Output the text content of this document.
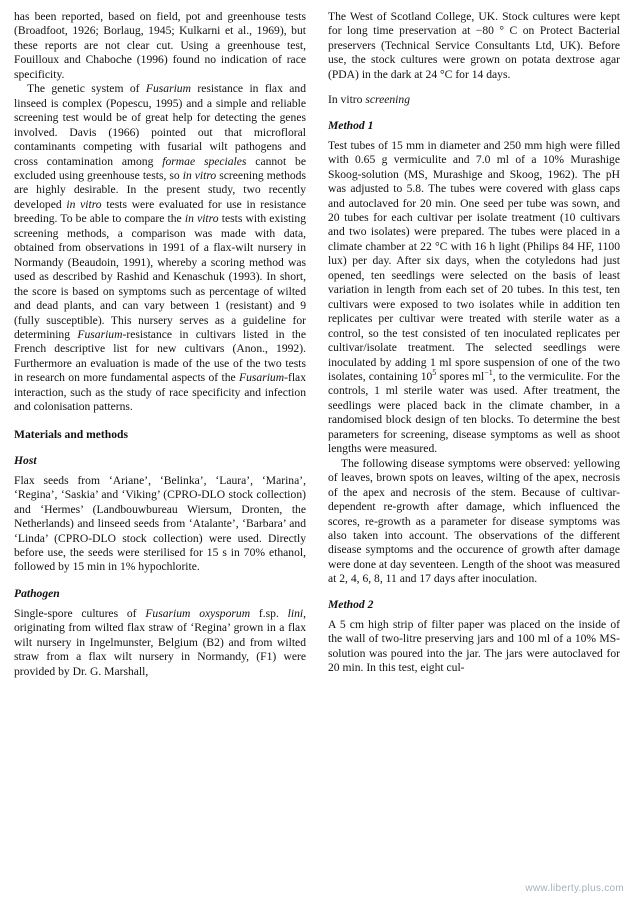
has been reported, based on field, pot and greenhouse tests (Broadfoot, 1926; Borlaug, 1945; Kulkarni et al., 1969), but these reports are not clear cut. Using a greenhouse test, Fouilloux and Chaboche (1996) found no indication of race specificity.

The genetic system of Fusarium resistance in flax and linseed is complex (Popescu, 1995) and a simple and reliable screening test would be of great help for detecting the genes involved. Davis (1966) pointed out that microfloral contaminants competing with fusarial wilt pathogens and cross contamination among formae speciales cannot be excluded using greenhouse tests, so in vitro screening methods are highly desirable. In the present study, two recently developed in vitro tests were evaluated for use in resistance breeding. To be able to compare the in vitro tests with existing screening methods, a comparison was made with data, obtained from observations in 1991 of a flax-wilt nursery in Normandy (Beaudoin, 1991), whereby a scoring method was used as described by Rashid and Kenaschuk (1993). In short, the score is based on symptoms such as percentage of wilted and dead plants, and can vary between 1 (resistant) and 9 (fully susceptible). This nursery serves as a guideline for determining Fusarium-resistance in cultivars listed in the French descriptive list for new cultivars (Anon., 1992). Furthermore an evaluation is made of the use of the two tests in research on more fundamental aspects of the Fusarium-flax interaction, such as the study of race specificity and infection and colonisation patterns.

Materials and methods
Host

Flax seeds from ‘Ariane’, ‘Belinka’, ‘Laura’, ‘Marina’, ‘Regina’, ‘Saskia’ and ‘Viking’ (CPRO-DLO stock collection) and ‘Hermes’ (Landbouwbureau Wiersum, Dronten, the Netherlands) and linseed seeds from ‘Atalante’, ‘Barbara’ and ‘Linda’ (CPRO-DLO stock collection) were used. Directly before use, the seeds were sterilised for 15 s in 70% ethanol, followed by 15 min in 1% hypochlorite.

Pathogen

Single-spore cultures of Fusarium oxysporum f.sp. lini, originating from wilted flax straw of ‘Regina’ grown in a flax wilt nursery in Ingelmunster, Belgium (B2) and from wilted straw from a flax wilt nursery in Normandy, (F1) were provided by Dr. G. Marshall,

The West of Scotland College, UK. Stock cultures were kept for long time preservation at −80 ° C on Protect Bacterial preservers (Technical Service Consultants Ltd, UK). Before use, the stock cultures were grown on potata dextrose agar (PDA) in the dark at 24 °C for 14 days.

In vitro screening

Method 1

Test tubes of 15 mm in diameter and 250 mm high were filled with 0.65 g vermiculite and 7.0 ml of a 10% Murashige Skoog-solution (MS, Murashige and Skoog, 1962). The pH was adjusted to 5.8. The tubes were covered with glass caps and autoclaved for 20 min. One seed per tube was sown, and 20 tubes for each cultivar per isolate treatment (10 cultivars and two isolates) were prepared. The tubes were placed in a climate chamber at 22 °C with 16 h light (Philips 84 HF, 1100 lux) per day. After six days, when the cotyledons had just opened, ten seedlings were selected on the basis of least variation in length from each set of 20 tubes. In this test, ten cultivars were exposed to two isolates while in addition ten replicates per cultivar were treated with sterile water as a control, so the test consisted of ten inoculated replicates per cultivar/isolate treatment. The selected seedlings were inoculated by adding 1 ml spore suspension of one of the two isolates, containing $10^5$ spores $ml^{-1}$, to the vermiculite. For the controls, 1 ml sterile water was used. After treatment, the seedlings were placed back in the climate chamber, in a randomised block design of ten blocks. To determine the best parameters for screening, disease symptoms as well as shoot lengths were measured.

The following disease symptoms were observed: yellowing of leaves, brown spots on leaves, wilting of the apex, necrosis of the apex and necrosis of the stem. Because of cultivar-dependent re-growth after damage, which influenced the scores, re-growth as a parameter for disease symptoms was also taken into account. The observations of the different disease symptoms and the occurence of growth after damage were done at day seventeen. Length of the shoot was measured at 2, 4, 6, 8, 11 and 17 days after inoculation.

Method 2

A 5 cm high strip of filter paper was placed on the inside of the wall of two-litre preserving jars and 100 ml of a 10% MS-solution was poured into the jar. The jars were autoclaved for 20 min. In this test, eight cul-

www.liberty.plus.com
